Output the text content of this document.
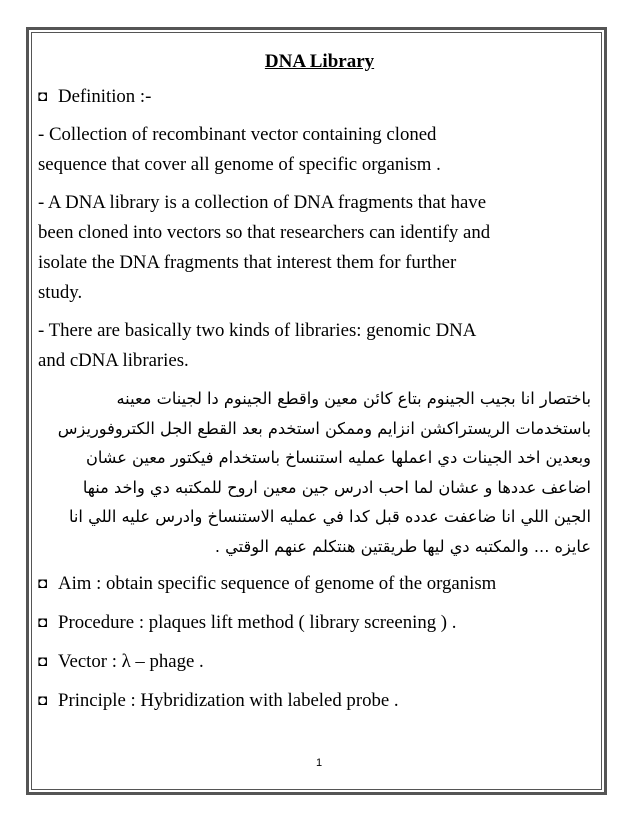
DNA Library

◘ Definition :-

- Collection of recombinant vector containing cloned

sequence that cover all genome of specific organism .

- A DNA library is a collection of DNA fragments that have

been cloned into vectors so that researchers can identify and

isolate the DNA fragments that interest them for further

study.

- There are basically two kinds of libraries: genomic DNA

and cDNA libraries.

باختصار انا بجيب الجينوم بتاع كائن معين واقطع الجينوم دا لجينات معينه

باستخدمات الريستراكشن انزايم وممكن استخدم بعد القطع الجل الكتروفوريزس

وبعدين اخد الجينات دي اعملها عمليه استنساخ باستخدام فيكتور معين عشان

اضاعف عددها و عشان لما احب ادرس جين معين اروح للمكتبه دي واخد منها

الجين اللي انا ضاعفت عدده قبل كدا في عمليه الاستنساخ وادرس عليه اللي انا

عايزه ... والمكتبه دي ليها طريقتين هنتكلم عنهم الوقتي .

◘ Aim : obtain specific sequence of genome of the organism

◘ Procedure : plaques lift method ( library screening ) .

◘ Vector : λ – phage .

◘ Principle : Hybridization with labeled probe .

1
